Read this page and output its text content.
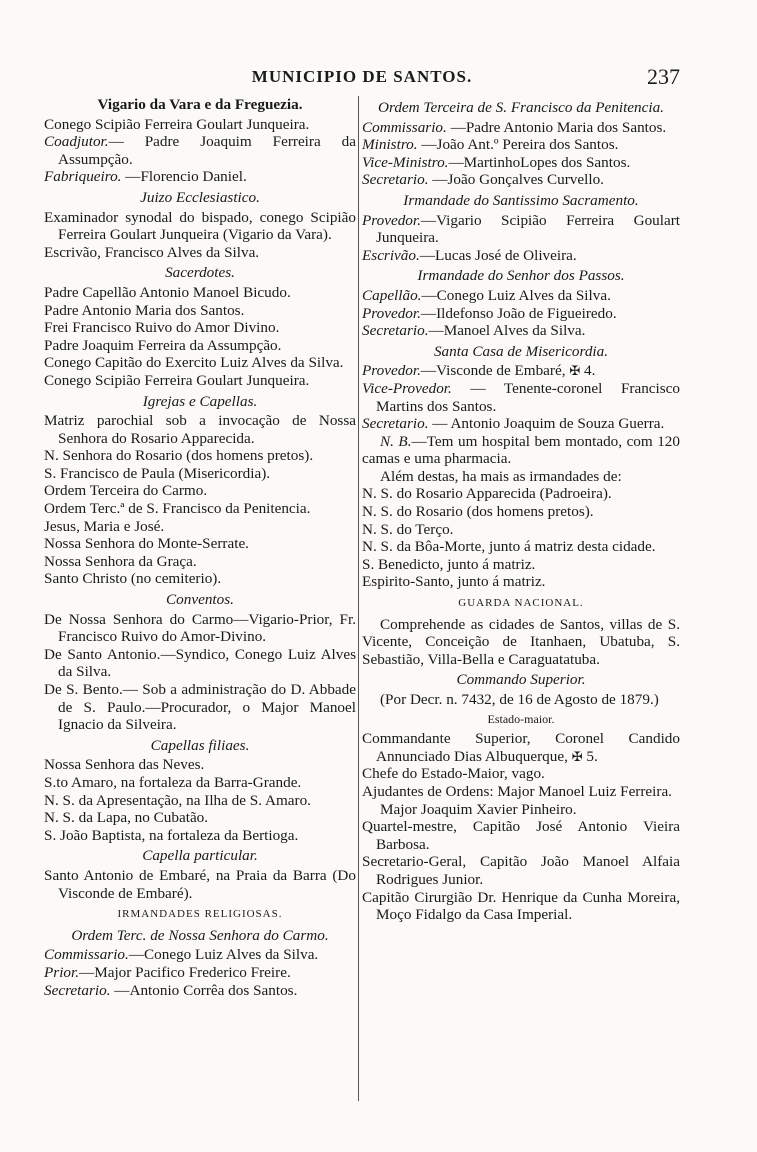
MUNICIPIO DE SANTOS.	237

Vigario da Vara e da Freguezia.

Conego Scipião Ferreira Goulart Junqueira.

Coadjutor.— Padre Joaquim Ferreira da Assumpção.

Fabriqueiro. —Florencio Daniel.

Juizo Ecclesiastico.

Examinador synodal do bispado, conego Scipião Ferreira Goulart Junqueira (Vigario da Vara).

Escrivão, Francisco Alves da Silva.

Sacerdotes.

Padre Capellão Antonio Manoel Bicudo.

Padre Antonio Maria dos Santos.

Frei Francisco Ruivo do Amor Divino.

Padre Joaquim Ferreira da Assumpção.

Conego Capitão do Exercito Luiz Alves da Silva.

Conego Scipião Ferreira Goulart Junqueira.

Igrejas e Capellas.

Matriz parochial sob a invocação de Nossa Senhora do Rosario Apparecida.

N. Senhora do Rosario (dos homens pretos).

S. Francisco de Paula (Misericordia).

Ordem Terceira do Carmo.

Ordem Terc.ª de S. Francisco da Penitencia.

Jesus, Maria e José.

Nossa Senhora do Monte-Serrate.

Nossa Senhora da Graça.

Santo Christo (no cemiterio).

Conventos.

De Nossa Senhora do Carmo—Vigario-Prior, Fr. Francisco Ruivo do Amor-Divino.

De Santo Antonio.—Syndico, Conego Luiz Alves da Silva.

De S. Bento.— Sob a administração do D. Abbade de S. Paulo.—Procurador, o Major Manoel Ignacio da Silveira.

Capellas filiaes.

Nossa Senhora das Neves.

S.to Amaro, na fortaleza da Barra-Grande.

N. S. da Apresentação, na Ilha de S. Amaro.

N. S. da Lapa, no Cubatão.

S. João Baptista, na fortaleza da Bertioga.

Capella particular.

Santo Antonio de Embaré, na Praia da Barra (Do Visconde de Embaré).

IRMANDADES RELIGIOSAS.

Ordem Terc. de Nossa Senhora do Carmo.

Commissario.—Conego Luiz Alves da Silva.

Prior.—Major Pacifico Frederico Freire.

Secretario. —Antonio Corrêa dos Santos.

Ordem Terceira de S. Francisco da Penitencia.

Commissario. —Padre Antonio Maria dos Santos.

Ministro. —João Ant.º Pereira dos Santos.

Vice-Ministro.—MartinhoLopes dos Santos.

Secretario. —João Gonçalves Curvello.

Irmandade do Santissimo Sacramento.

Provedor.—Vigario Scipião Ferreira Goulart Junqueira.

Escrivão.—Lucas José de Oliveira.

Irmandade do Senhor dos Passos.

Capellão.—Conego Luiz Alves da Silva.

Provedor.—Ildefonso João de Figueiredo.

Secretario.—Manoel Alves da Silva.

Santa Casa de Misericordia.

Provedor.—Visconde de Embaré, ✠ 4.

Vice-Provedor. — Tenente-coronel Francisco Martins dos Santos.

Secretario. — Antonio Joaquim de Souza Guerra.

N. B.—Tem um hospital bem montado, com 120 camas e uma pharmacia.

Além destas, ha mais as irmandades de:

N. S. do Rosario Apparecida (Padroeira).

N. S. do Rosario (dos homens pretos).

N. S. do Terço.

N. S. da Bôa-Morte, junto á matriz desta cidade.

S. Benedicto, junto á matriz.

Espirito-Santo, junto á matriz.

GUARDA NACIONAL.

Comprehende as cidades de Santos, villas de S. Vicente, Conceição de Itanhaen, Ubatuba, S. Sebastião, Villa-Bella e Caraguatatuba.

Commando Superior.

(Por Decr. n. 7432, de 16 de Agosto de 1879.)

Estado-maior.

Commandante Superior, Coronel Candido Annunciado Dias Albuquerque, ✠ 5.

Chefe do Estado-Maior, vago.

Ajudantes de Ordens: Major Manoel Luiz Ferreira.

Major Joaquim Xavier Pinheiro.

Quartel-mestre, Capitão José Antonio Vieira Barbosa.

Secretario-Geral, Capitão João Manoel Alfaia Rodrigues Junior.

Capitão Cirurgião Dr. Henrique da Cunha Moreira, Moço Fidalgo da Casa Imperial.
